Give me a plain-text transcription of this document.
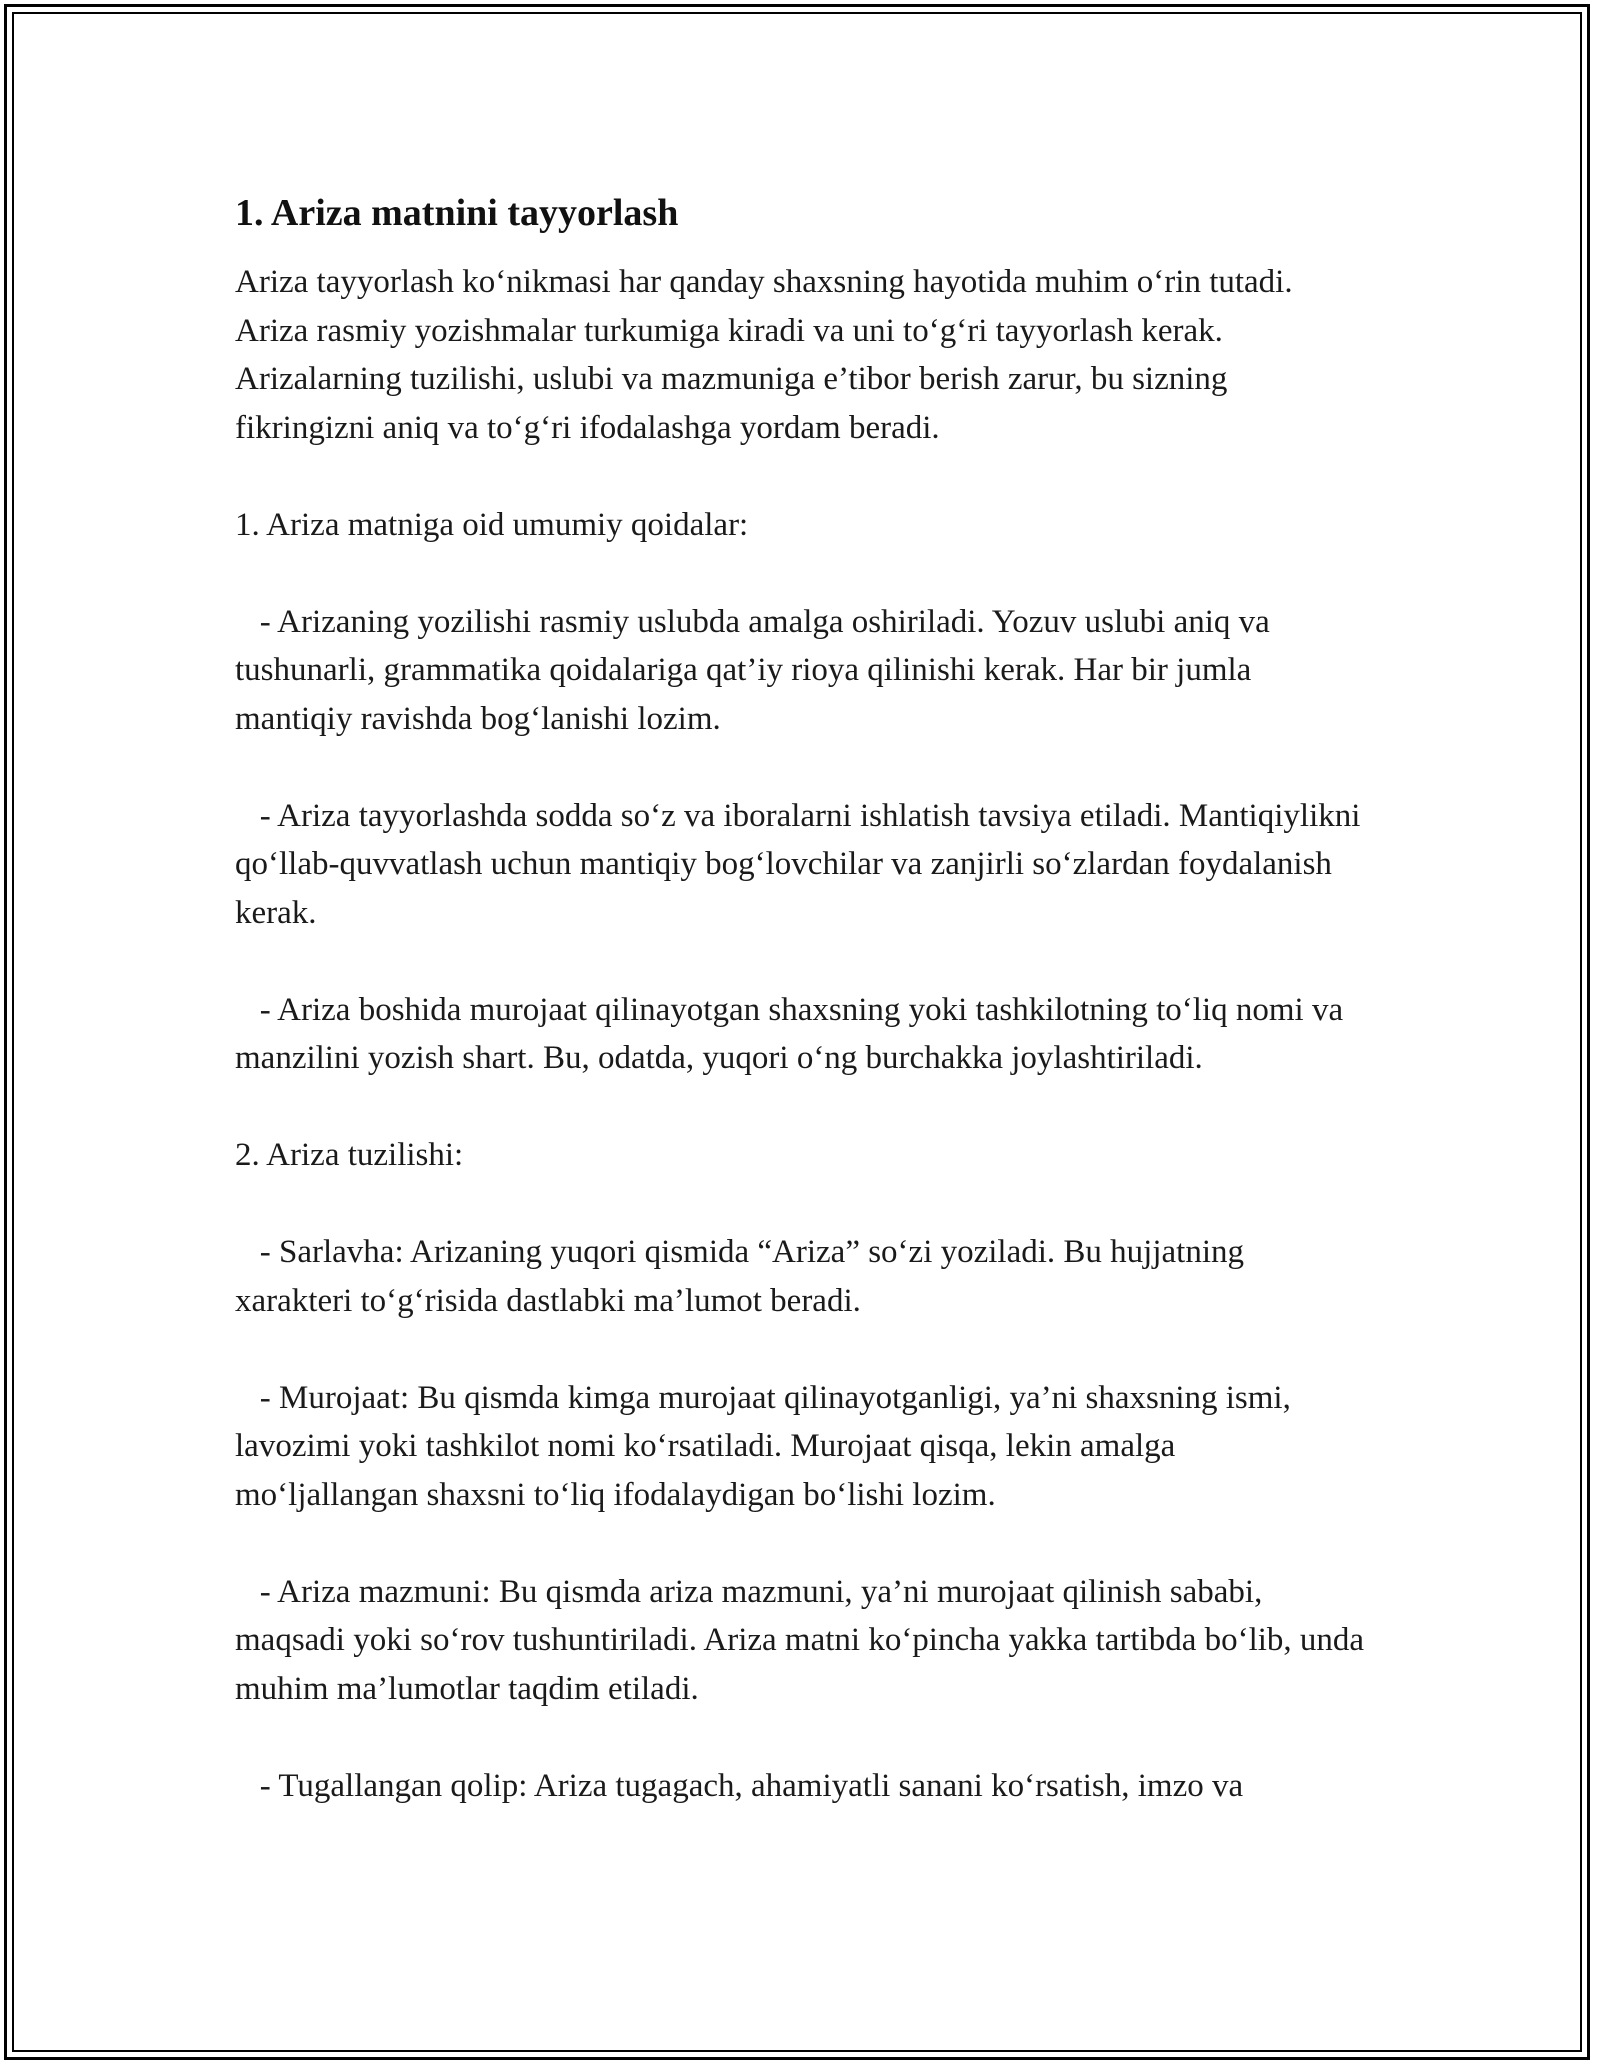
1. Ariza matnini tayyorlash

Ariza tayyorlash ko‘nikmasi har qanday shaxsning hayotida muhim o‘rin tutadi. Ariza rasmiy yozishmalar turkumiga kiradi va uni to‘g‘ri tayyorlash kerak. Arizalarning tuzilishi, uslubi va mazmuniga e’tibor berish zarur, bu sizning fikringizni aniq va to‘g‘ri ifodalashga yordam beradi.

1. Ariza matniga oid umumiy qoidalar:

- Arizaning yozilishi rasmiy uslubda amalga oshiriladi. Yozuv uslubi aniq va tushunarli, grammatika qoidalariga qat’iy rioya qilinishi kerak. Har bir jumla mantiqiy ravishda bog‘lanishi lozim.

- Ariza tayyorlashda sodda so‘z va iboralarni ishlatish tavsiya etiladi. Mantiqiylikni qo‘llab-quvvatlash uchun mantiqiy bog‘lovchilar va zanjirli so‘zlardan foydalanish kerak.

- Ariza boshida murojaat qilinayotgan shaxsning yoki tashkilotning to‘liq nomi va manzilini yozish shart. Bu, odatda, yuqori o‘ng burchakka joylashtiriladi.

2. Ariza tuzilishi:

- Sarlavha: Arizaning yuqori qismida “Ariza” so‘zi yoziladi. Bu hujjatning xarakteri to‘g‘risida dastlabki ma’lumot beradi.

- Murojaat: Bu qismda kimga murojaat qilinayotganligi, ya’ni shaxsning ismi, lavozimi yoki tashkilot nomi ko‘rsatiladi. Murojaat qisqa, lekin amalga mo‘ljallangan shaxsni to‘liq ifodalaydigan bo‘lishi lozim.

- Ariza mazmuni: Bu qismda ariza mazmuni, ya’ni murojaat qilinish sababi, maqsadi yoki so‘rov tushuntiriladi. Ariza matni ko‘pincha yakka tartibda bo‘lib, unda muhim ma’lumotlar taqdim etiladi.

- Tugallangan qolip: Ariza tugagach, ahamiyatli sanani ko‘rsatish, imzo va
